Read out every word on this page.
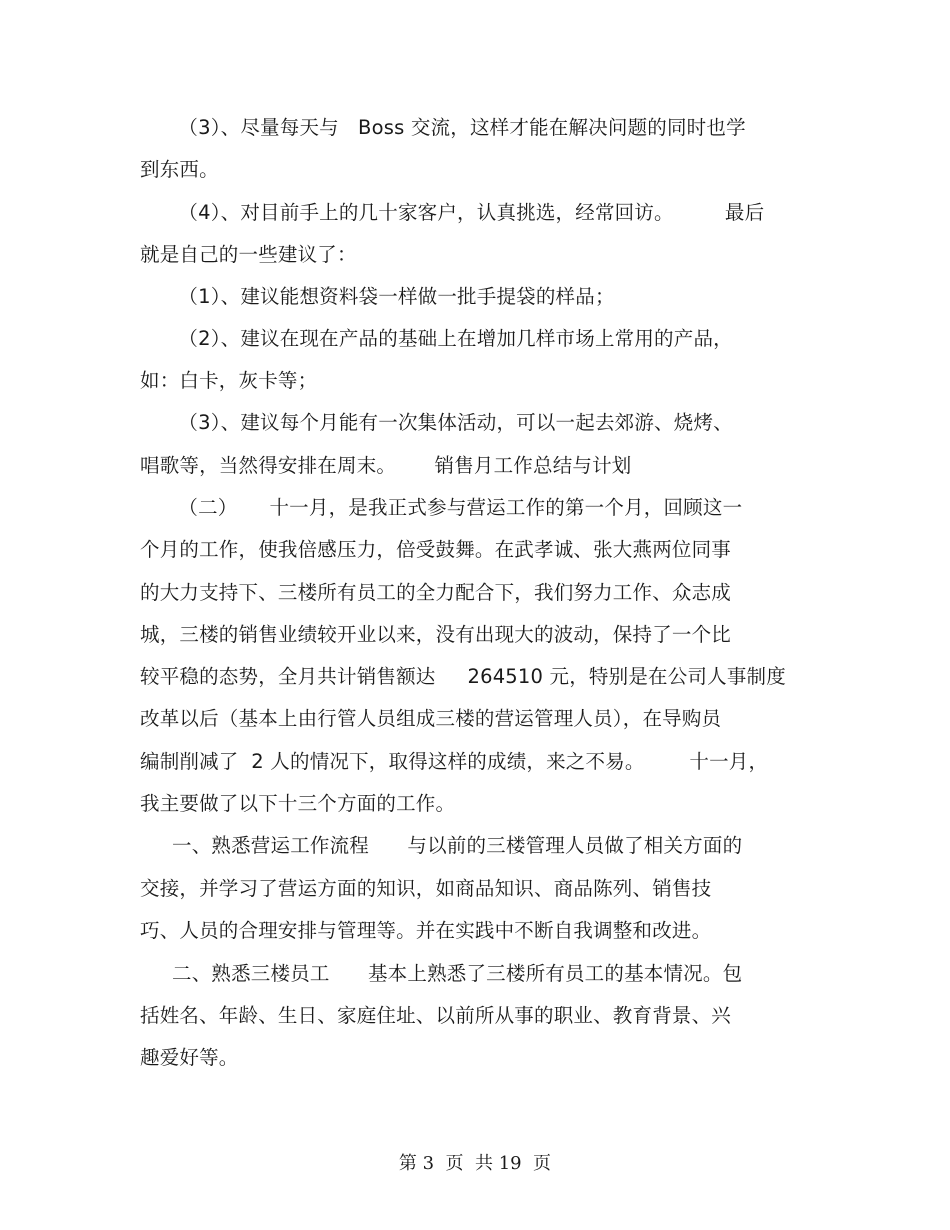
（3）、尽量每天与   Boss 交流，这样才能在解决问题的同时也学
到东西。
（4）、对目前手上的几十家客户，认真挑选，经常回访。        最后
就是自己的一些建议了：
（1）、建议能想资料袋一样做一批手提袋的样品；
（2）、建议在现在产品的基础上在增加几样市场上常用的产品，
如：白卡，灰卡等；
（3）、建议每个月能有一次集体活动，可以一起去郊游、烧烤、
唱歌等，当然得安排在周末。      销售月工作总结与计划
（二）     十一月，是我正式参与营运工作的第一个月，回顾这一
个月的工作，使我倍感压力，倍受鼓舞。在武孝诚、张大燕两位同事
的大力支持下、三楼所有员工的全力配合下，我们努力工作、众志成
城，三楼的销售业绩较开业以来，没有出现大的波动，保持了一个比
较平稳的态势，全月共计销售额达     264510 元，特别是在公司人事制度
改革以后（基本上由行管人员组成三楼的营运管理人员），在导购员
编制削减了  2 人的情况下，取得这样的成绩，来之不易。       十一月，
我主要做了以下十三个方面的工作。
一、熟悉营运工作流程      与以前的三楼管理人员做了相关方面的
交接，并学习了营运方面的知识，如商品知识、商品陈列、销售技
巧、人员的合理安排与管理等。并在实践中不断自我调整和改进。
二、熟悉三楼员工      基本上熟悉了三楼所有员工的基本情况。包
括姓名、年龄、生日、家庭住址、以前所从事的职业、教育背景、兴
趣爱好等。
第 3  页  共 19  页
